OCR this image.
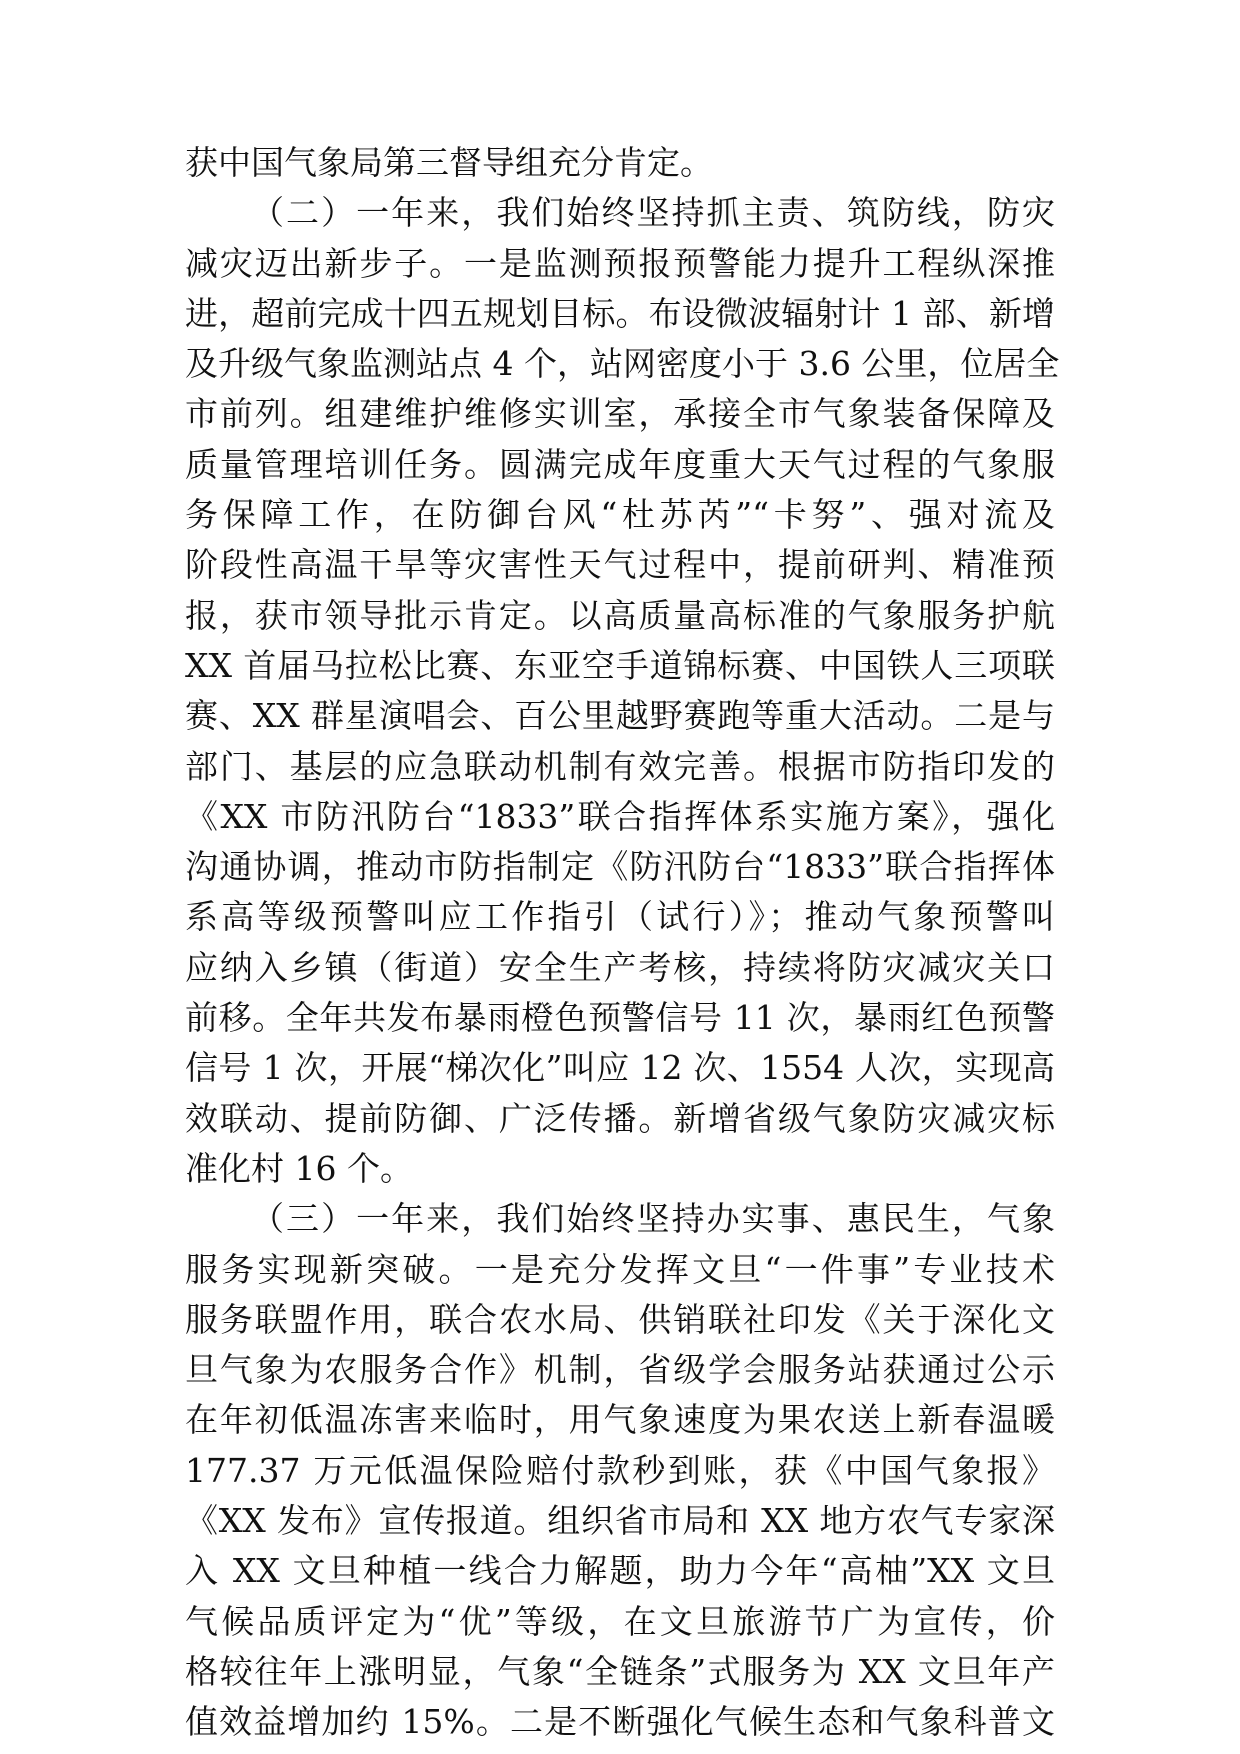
获中国气象局第三督导组充分肯定。
（二）一年来，我们始终坚持抓主责、筑防线，防灾
减灾迈出新步子。一是监测预报预警能力提升工程纵深推
进，超前完成十四五规划目标。布设微波辐射计 1 部、新增
及升级气象监测站点 4 个，站网密度小于 3.6 公里，位居全
市前列。组建维护维修实训室，承接全市气象装备保障及
质量管理培训任务。圆满完成年度重大天气过程的气象服
务保障工作，在防御台风“杜苏芮”“卡努”、强对流及
阶段性高温干旱等灾害性天气过程中，提前研判、精准预
报，获市领导批示肯定。以高质量高标准的气象服务护航
XX 首届马拉松比赛、东亚空手道锦标赛、中国铁人三项联
赛、XX 群星演唱会、百公里越野赛跑等重大活动。二是与
部门、基层的应急联动机制有效完善。根据市防指印发的
《XX 市防汛防台“1833”联合指挥体系实施方案》，强化
沟通协调，推动市防指制定《防汛防台“1833”联合指挥体
系高等级预警叫应工作指引（试行）》；推动气象预警叫
应纳入乡镇（街道）安全生产考核，持续将防灾减灾关口
前移。全年共发布暴雨橙色预警信号 11 次，暴雨红色预警
信号 1 次，开展“梯次化”叫应 12 次、1554 人次，实现高
效联动、提前防御、广泛传播。新增省级气象防灾减灾标
准化村 16 个。
（三）一年来，我们始终坚持办实事、惠民生，气象
服务实现新突破。一是充分发挥文旦“一件事”专业技术
服务联盟作用，联合农水局、供销联社印发《关于深化文
旦气象为农服务合作》机制，省级学会服务站获通过公示
在年初低温冻害来临时，用气象速度为果农送上新春温暖
177.37 万元低温保险赔付款秒到账，获《中国气象报》
《XX 发布》宣传报道。组织省市局和 XX 地方农气专家深
入 XX 文旦种植一线合力解题，助力今年“高柚”XX 文旦
气候品质评定为“优”等级，在文旦旅游节广为宣传，价
格较往年上涨明显，气象“全链条”式服务为 XX 文旦年产
值效益增加约 15%。二是不断强化气候生态和气象科普文
